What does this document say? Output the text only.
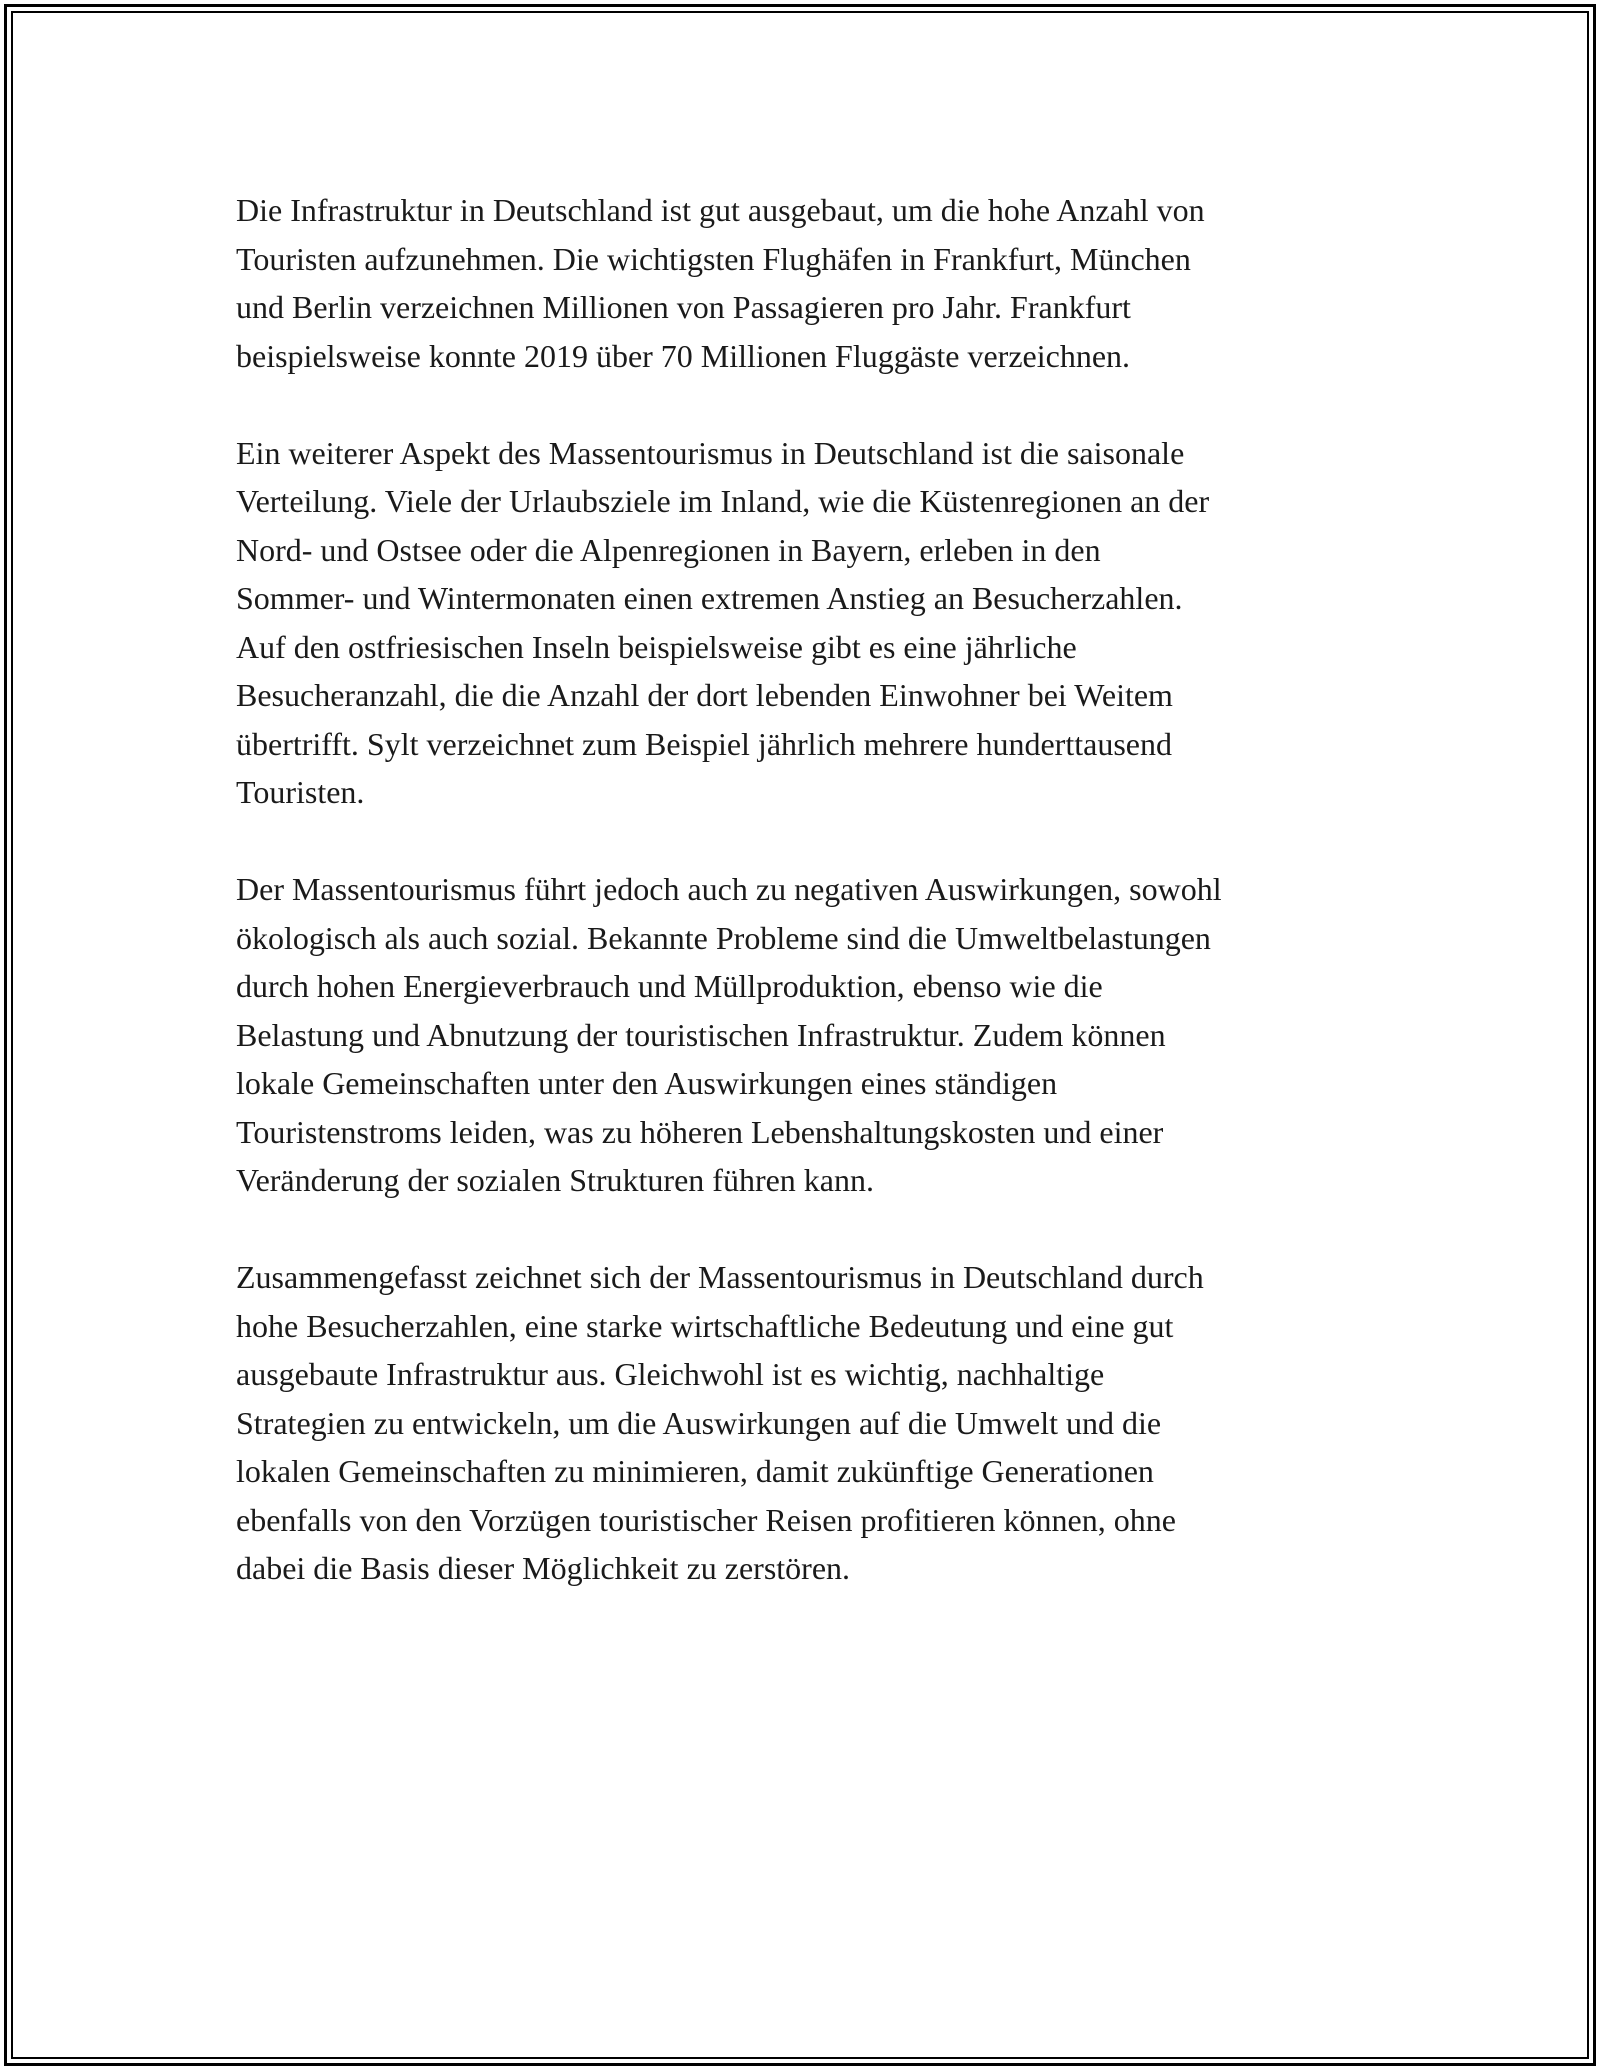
Die Infrastruktur in Deutschland ist gut ausgebaut, um die hohe Anzahl von
Touristen aufzunehmen. Die wichtigsten Flughäfen in Frankfurt, München
und Berlin verzeichnen Millionen von Passagieren pro Jahr. Frankfurt
beispielsweise konnte 2019 über 70 Millionen Fluggäste verzeichnen.

Ein weiterer Aspekt des Massentourismus in Deutschland ist die saisonale
Verteilung. Viele der Urlaubsziele im Inland, wie die Küstenregionen an der
Nord- und Ostsee oder die Alpenregionen in Bayern, erleben in den
Sommer- und Wintermonaten einen extremen Anstieg an Besucherzahlen.
Auf den ostfriesischen Inseln beispielsweise gibt es eine jährliche
Besucheranzahl, die die Anzahl der dort lebenden Einwohner bei Weitem
übertrifft. Sylt verzeichnet zum Beispiel jährlich mehrere hunderttausend
Touristen.

Der Massentourismus führt jedoch auch zu negativen Auswirkungen, sowohl
ökologisch als auch sozial. Bekannte Probleme sind die Umweltbelastungen
durch hohen Energieverbrauch und Müllproduktion, ebenso wie die
Belastung und Abnutzung der touristischen Infrastruktur. Zudem können
lokale Gemeinschaften unter den Auswirkungen eines ständigen
Touristenstroms leiden, was zu höheren Lebenshaltungskosten und einer
Veränderung der sozialen Strukturen führen kann.

Zusammengefasst zeichnet sich der Massentourismus in Deutschland durch
hohe Besucherzahlen, eine starke wirtschaftliche Bedeutung und eine gut
ausgebaute Infrastruktur aus. Gleichwohl ist es wichtig, nachhaltige
Strategien zu entwickeln, um die Auswirkungen auf die Umwelt und die
lokalen Gemeinschaften zu minimieren, damit zukünftige Generationen
ebenfalls von den Vorzügen touristischer Reisen profitieren können, ohne
dabei die Basis dieser Möglichkeit zu zerstören.
